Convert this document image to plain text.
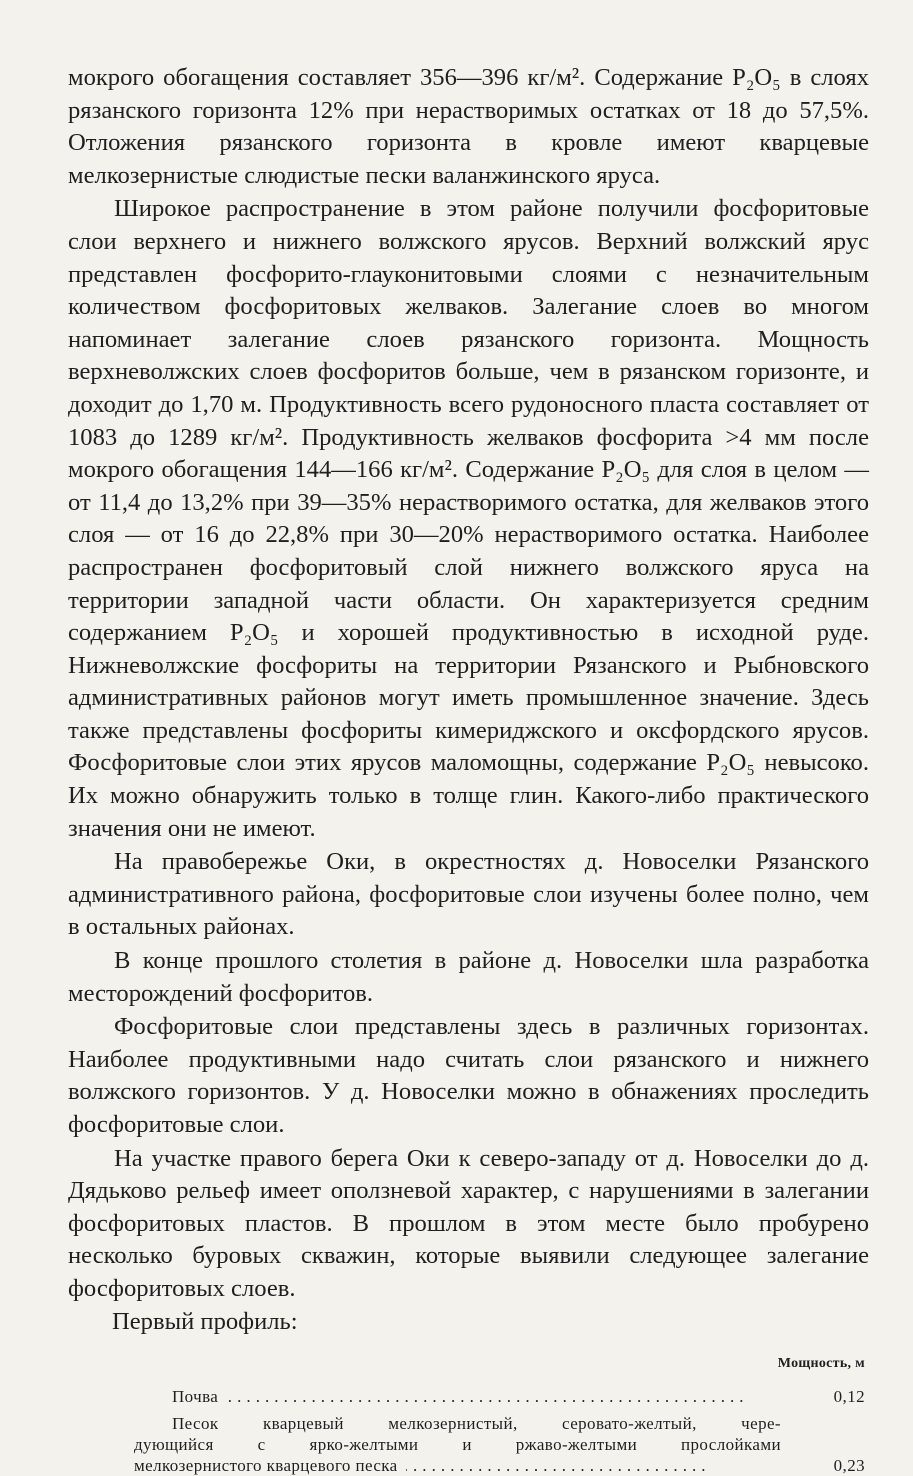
мокрого обогащения составляет 356—396 кг/м². Содержание P₂O₅ в слоях рязанского горизонта 12% при нерастворимых остатках от 18 до 57,5%. Отложения рязанского горизонта в кровле имеют кварцевые мелкозернистые слюдистые пески валанжинского яруса.

Широкое распространение в этом районе получили фосфоритовые слои верхнего и нижнего волжского ярусов. Верхний волжский ярус представлен фосфорито-глауконитовыми слоями с незначительным количеством фосфоритовых желваков. Залегание слоев во многом напоминает залегание слоев рязанского горизонта. Мощность верхневолжских слоев фосфоритов больше, чем в рязанском горизонте, и доходит до 1,70 м. Продуктивность всего рудоносного пласта составляет от 1083 до 1289 кг/м². Продуктивность желваков фосфорита >4 мм после мокрого обогащения 144—166 кг/м². Содержание P₂O₅ для слоя в целом — от 11,4 до 13,2% при 39—35% нерастворимого остатка, для желваков этого слоя — от 16 до 22,8% при 30—20% нерастворимого остатка. Наиболее распространен фосфоритовый слой нижнего волжского яруса на территории западной части области. Он характеризуется средним содержанием P₂O₅ и хорошей продуктивностью в исходной руде. Нижневолжские фосфориты на территории Рязанского и Рыбновского административных районов могут иметь промышленное значение. Здесь также представлены фосфориты кимериджского и оксфордского ярусов. Фосфоритовые слои этих ярусов маломощны, содержание P₂O₅ невысоко. Их можно обнаружить только в толще глин. Какого-либо практического значения они не имеют.

На правобережье Оки, в окрестностях д. Новоселки Рязанского административного района, фосфоритовые слои изучены более полно, чем в остальных районах.

В конце прошлого столетия в районе д. Новоселки шла разработка месторождений фосфоритов.

Фосфоритовые слои представлены здесь в различных горизонтах. Наиболее продуктивными надо считать слои рязанского и нижнего волжского горизонтов. У д. Новоселки можно в обнажениях проследить фосфоритовые слои.

На участке правого берега Оки к северо-западу от д. Новоселки до д. Дядьково рельеф имеет оползневой характер, с нарушениями в залегании фосфоритовых пластов. В прошлом в этом месте было пробурено несколько буровых скважин, которые выявили следующее залегание фосфоритовых слоев.

Первый профиль:

Мощность, м
Почва . . .	0,12
Песок кварцевый мелкозернистый, серовато-желтый, чере-
дующийся с ярко-желтыми и ржаво-желтыми прослойками
мелкозернистого кварцевого песка . . .	0,23
